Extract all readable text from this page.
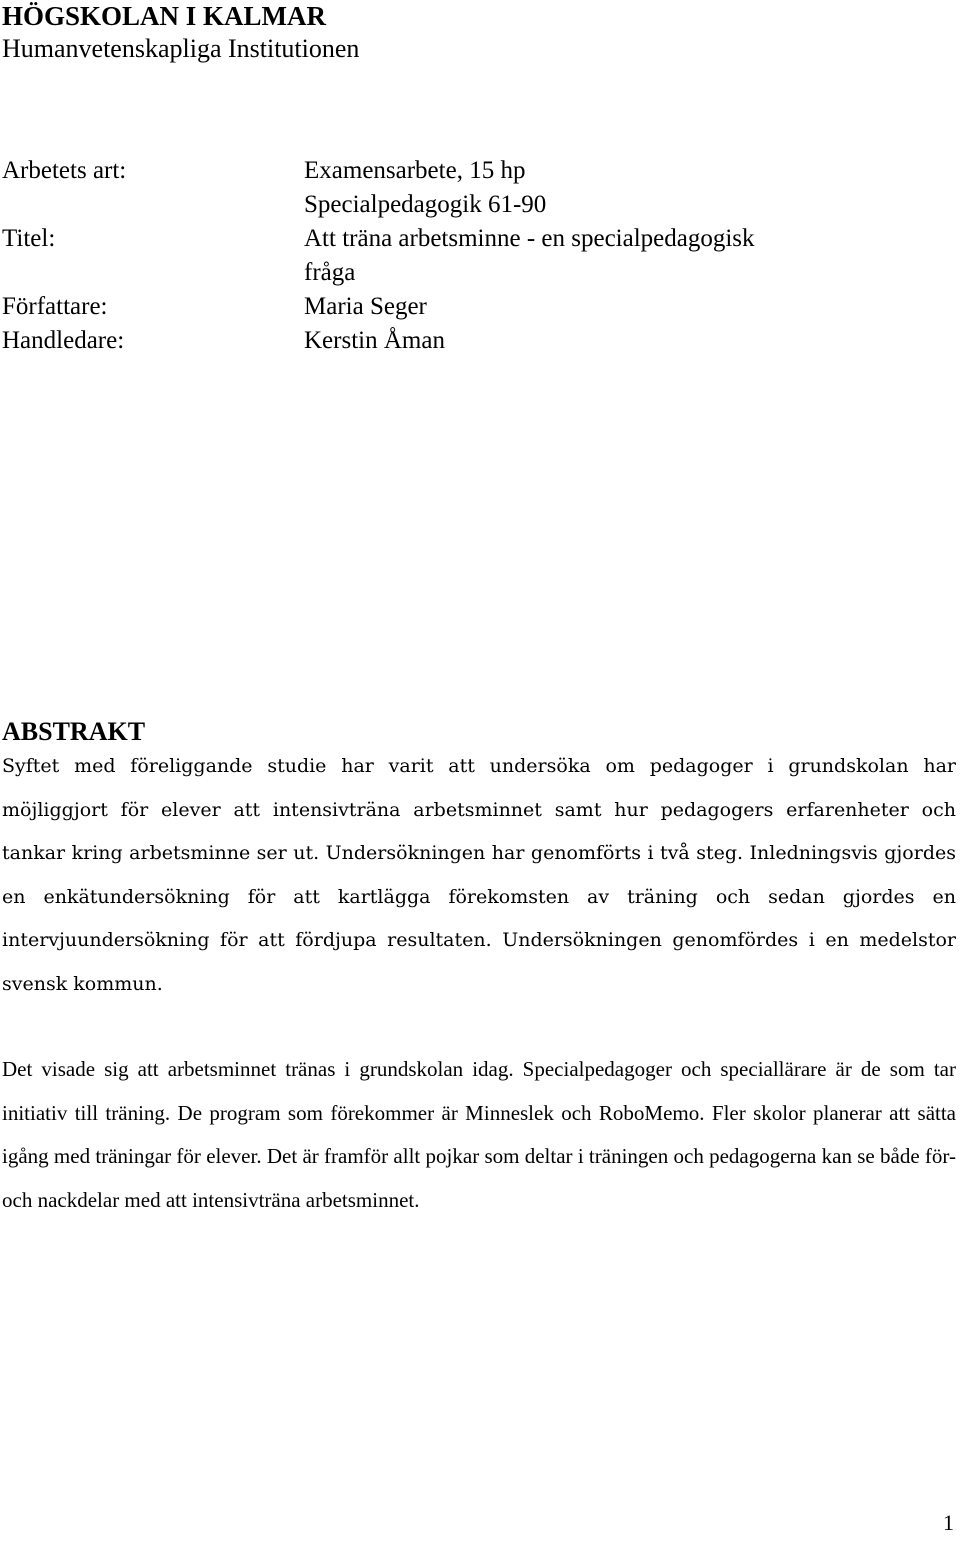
HÖGSKOLAN I KALMAR
Humanvetenskapliga Institutionen
Arbetets art:	Examensarbete, 15 hp
Specialpedagogik 61-90
Titel:	Att träna arbetsminne - en specialpedagogisk
fråga
Författare:	Maria Seger
Handledare:	Kerstin Åman
ABSTRAKT

Syftet med föreliggande studie har varit att undersöka om pedagoger i grundskolan har möjliggjort för elever att intensivträna arbetsminnet samt hur pedagogers erfarenheter och tankar kring arbetsminne ser ut. Undersökningen har genomförts i två steg. Inledningsvis gjordes en enkätundersökning för att kartlägga förekomsten av träning och sedan gjordes en intervjuundersökning för att fördjupa resultaten. Undersökningen genomfördes i en medelstor svensk kommun.

Det visade sig att arbetsminnet tränas i grundskolan idag. Specialpedagoger och speciallärare är de som tar initiativ till träning. De program som förekommer är Minneslek och RoboMemo. Fler skolor planerar att sätta igång med träningar för elever. Det är framför allt pojkar som deltar i träningen och pedagogerna kan se både för- och nackdelar med att intensivträna arbetsminnet.

1
